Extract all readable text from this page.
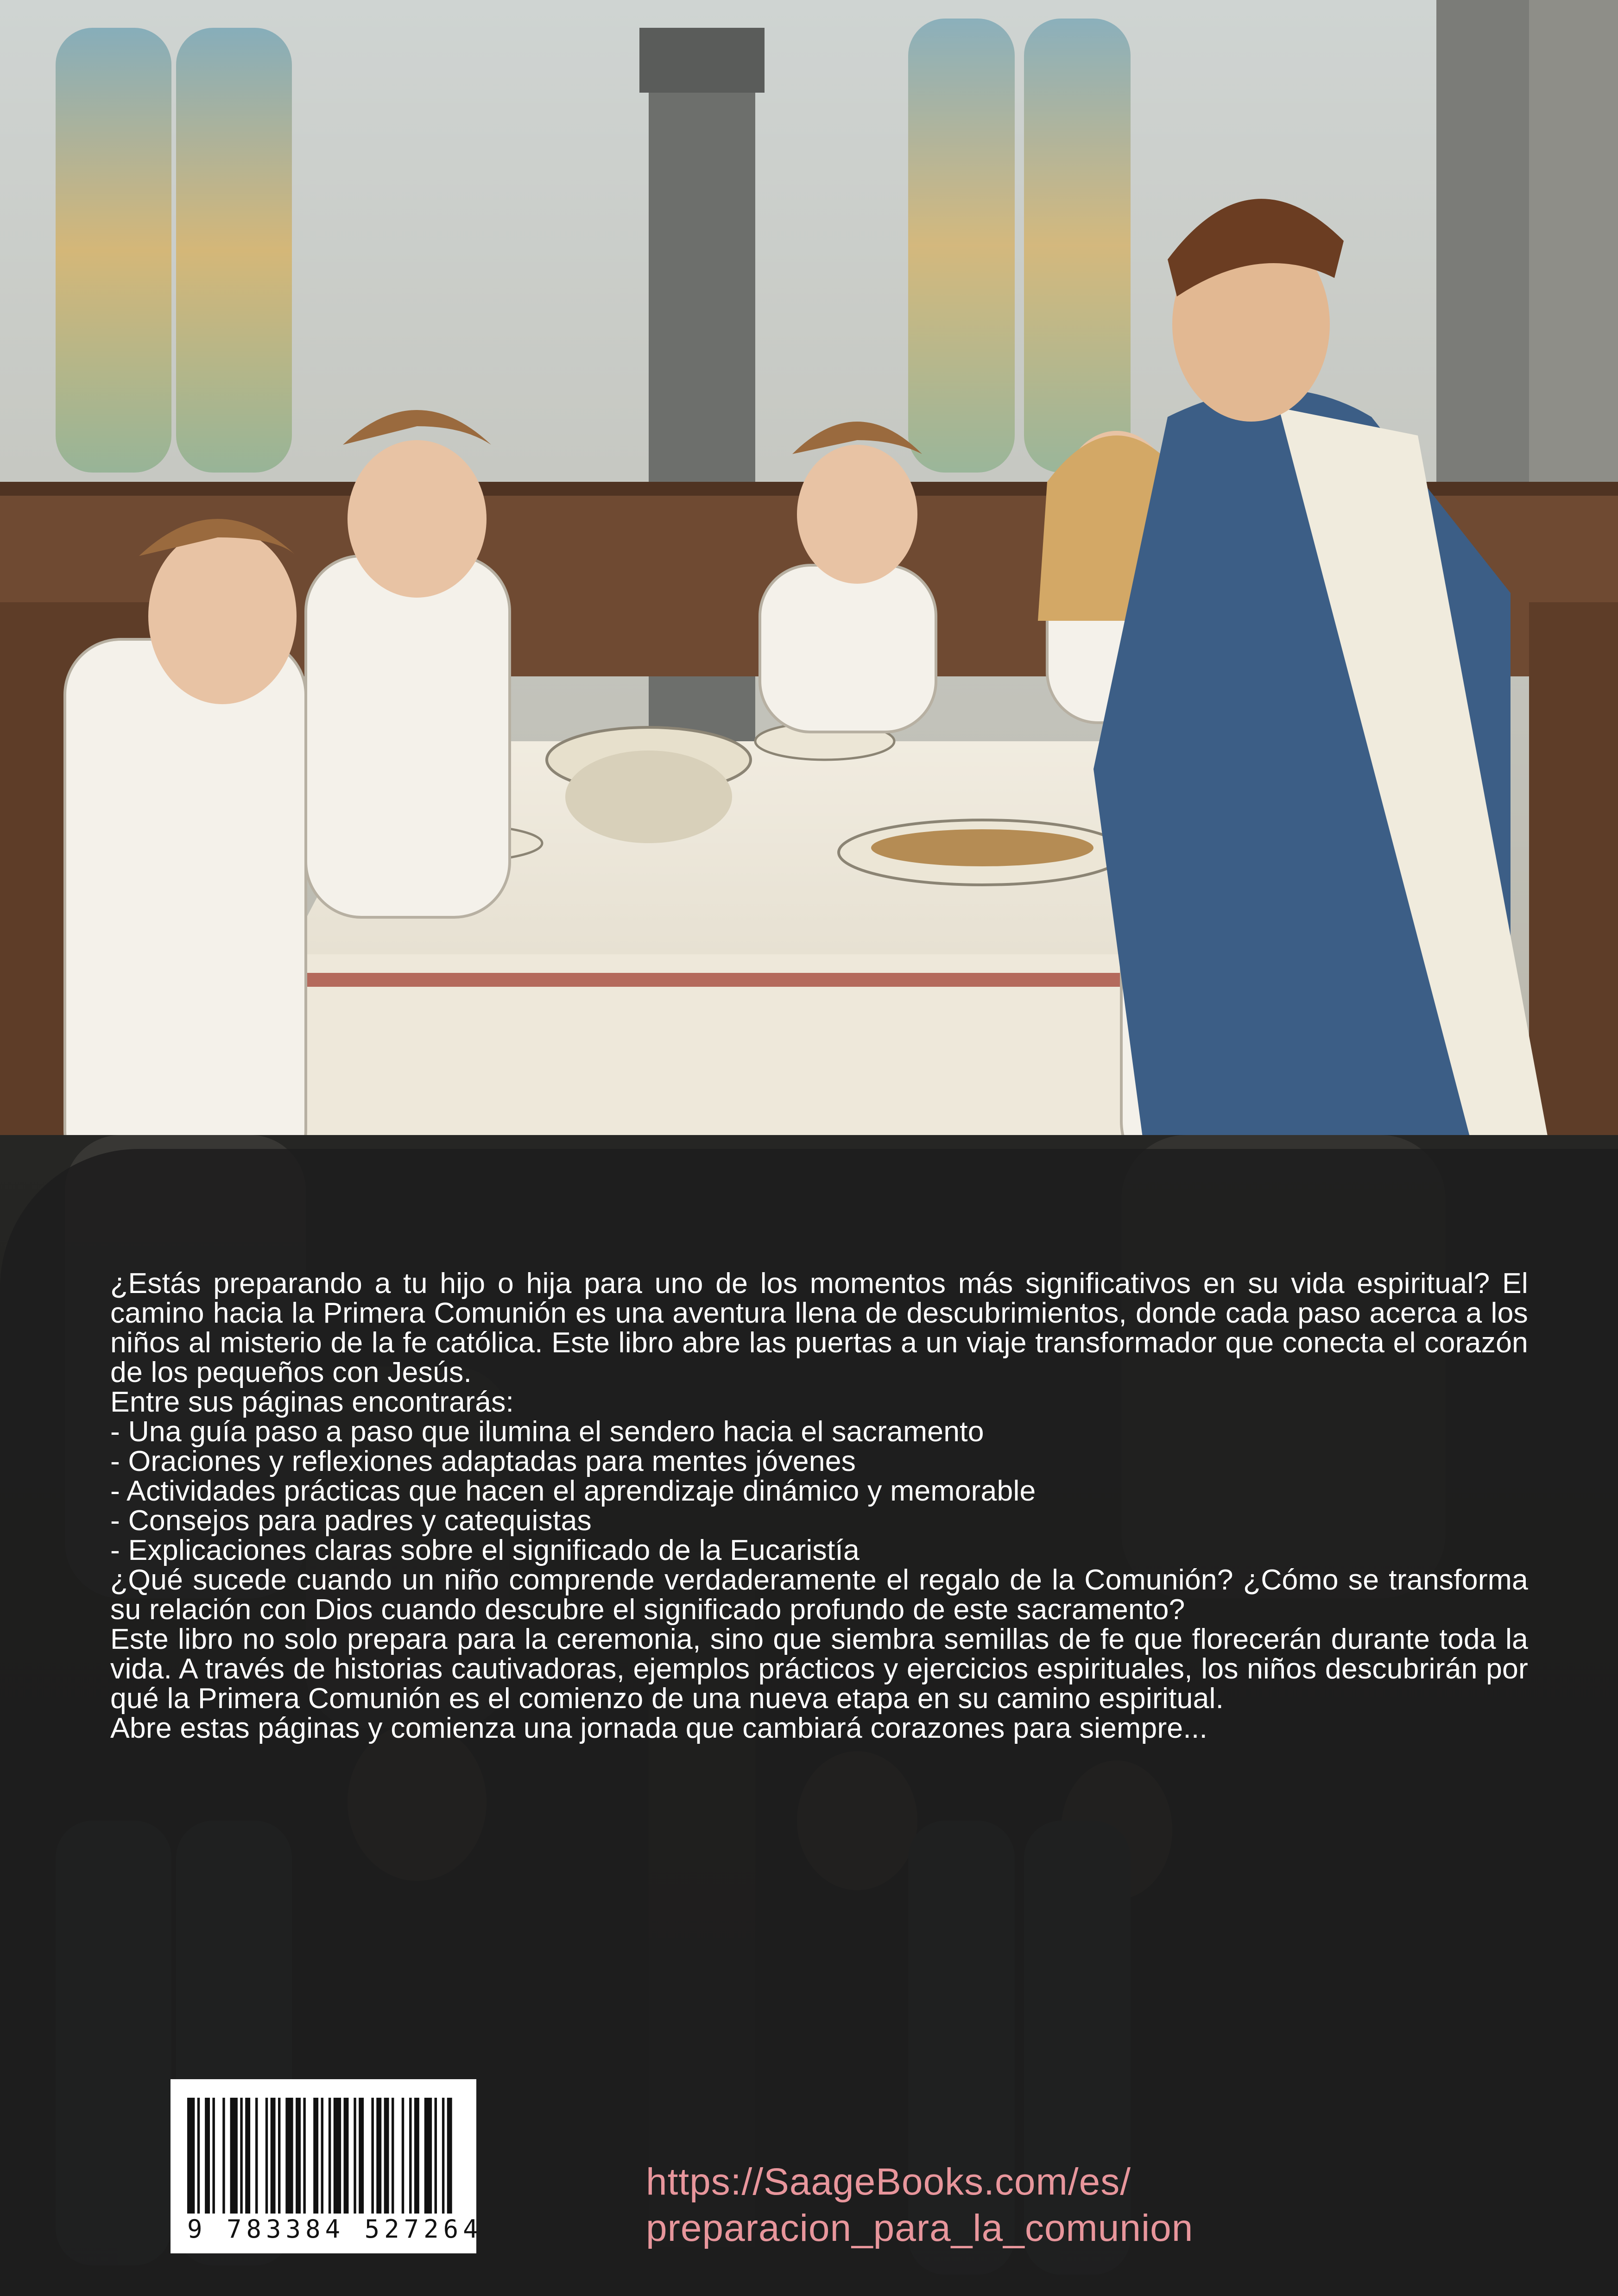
¿Estás preparando a tu hijo o hija para uno de los momentos más significativos en su vida espiritual? El camino hacia la Primera Comunión es una aventura llena de descubrimientos, donde cada paso acerca a los niños al misterio de la fe católica. Este libro abre las puertas a un viaje transformador que conecta el corazón de los pequeños con Jesús.

Entre sus páginas encontrarás:

- Una guía paso a paso que ilumina el sendero hacia el sacramento

- Oraciones y reflexiones adaptadas para mentes jóvenes

- Actividades prácticas que hacen el aprendizaje dinámico y memorable

- Consejos para padres y catequistas

- Explicaciones claras sobre el significado de la Eucaristía

¿Qué sucede cuando un niño comprende verdaderamente el regalo de la Comunión? ¿Cómo se transforma su relación con Dios cuando descubre el significado profundo de este sacramento?

Este libro no solo prepara para la ceremonia, sino que siembra semillas de fe que florecerán durante toda la vida. A través de historias cautivadoras, ejemplos prácticos y ejercicios espirituales, los niños descubrirán por qué la Primera Comunión es el comienzo de una nueva etapa en su camino espiritual.

Abre estas páginas y comienza una jornada que cambiará corazones para siempre...

9 783384 527264
https://SaageBooks.com/es/
preparacion_para_la_comunion
